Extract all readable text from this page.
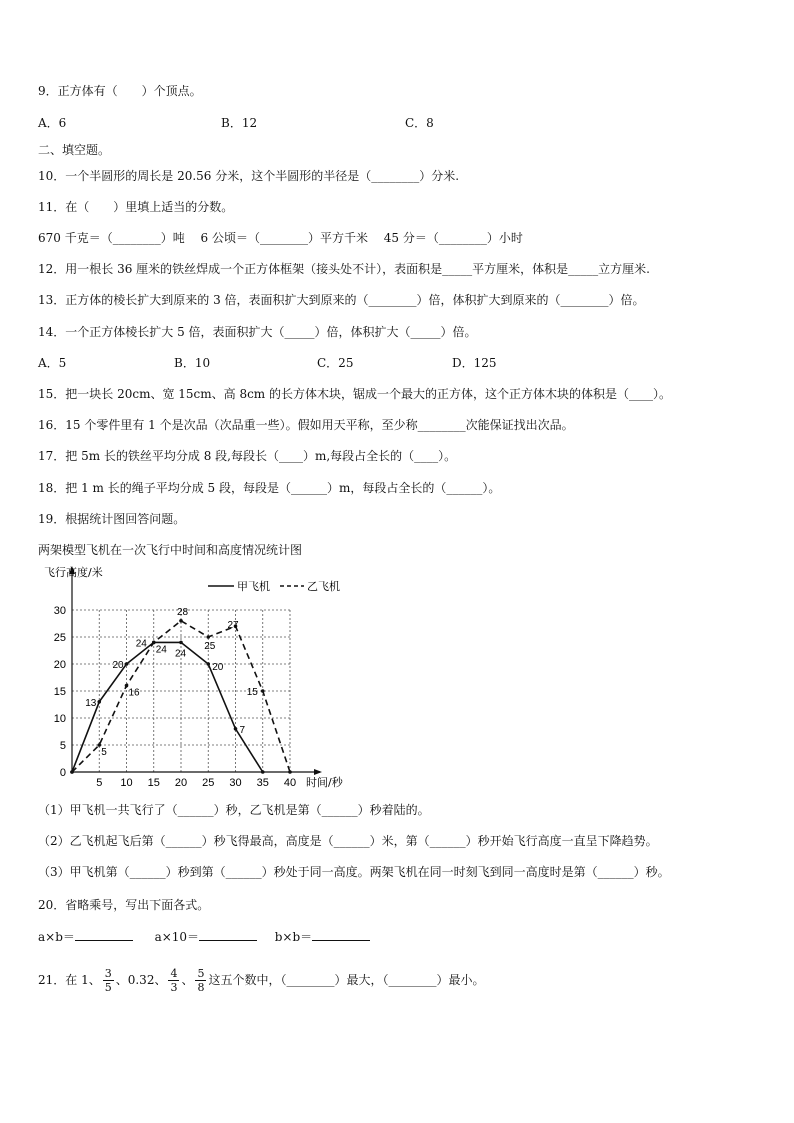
9．正方体有（　　）个顶点。
A．6	B．12	C．8
二、填空题。
10．一个半圆形的周长是 20.56 分米，这个半圆形的半径是（________）分米.
11．在（　　）里填上适当的分数。
670 千克＝（________）吨　 6 公顷＝（________）平方千米　 45 分＝（________）小时
12．用一根长 36 厘米的铁丝焊成一个正方体框架（接头处不计），表面积是_____平方厘米，体积是_____立方厘米.
13．正方体的棱长扩大到原来的 3 倍，表面积扩大到原来的（________）倍，体积扩大到原来的（________）倍。
14．一个正方体棱长扩大 5 倍，表面积扩大（_____）倍，体积扩大（_____）倍。
A．5	B．10	C．25	D．125
15．把一块长 20cm、宽 15cm、高 8cm 的长方体木块，锯成一个最大的正方体，这个正方体木块的体积是（____）。
16．15 个零件里有 1 个是次品（次品重一些）。假如用天平称，至少称________次能保证找出次品。
17．把 5m 长的铁丝平均分成 8 段,每段长（____）m,每段占全长的（____）。
18．把 1 m 长的绳子平均分成 5 段，每段是（______）m，每段占全长的（______）。
19．根据统计图回答问题。
两架模型飞机在一次飞行中时间和高度情况统计图
5
10
15
20
25
30
5 10 15 20 25 30 35 40
0
飞行高度/米
时间/秒
甲飞机	乙飞机
13
20
24
24
20
5
16
24
28
25
27
15
7
（1）甲飞机一共飞行了（______）秒，乙飞机是第（______）秒着陆的。
（2）乙飞机起飞后第（______）秒飞得最高，高度是（______）米，第（______）秒开始飞行高度一直呈下降趋势。
（3）甲飞机第（______）秒到第（______）秒处于同一高度。两架飞机在同一时刻飞到同一高度时是第（______）秒。
20．省略乘号，写出下面各式。
a×b＝	a×10＝	b×b＝
21．在 1、 $\frac{3}{5}$ 、0.32、 $\frac{4}{3}$ 、 $\frac{5}{8}$ 这五个数中，（________）最大，（________）最小。
